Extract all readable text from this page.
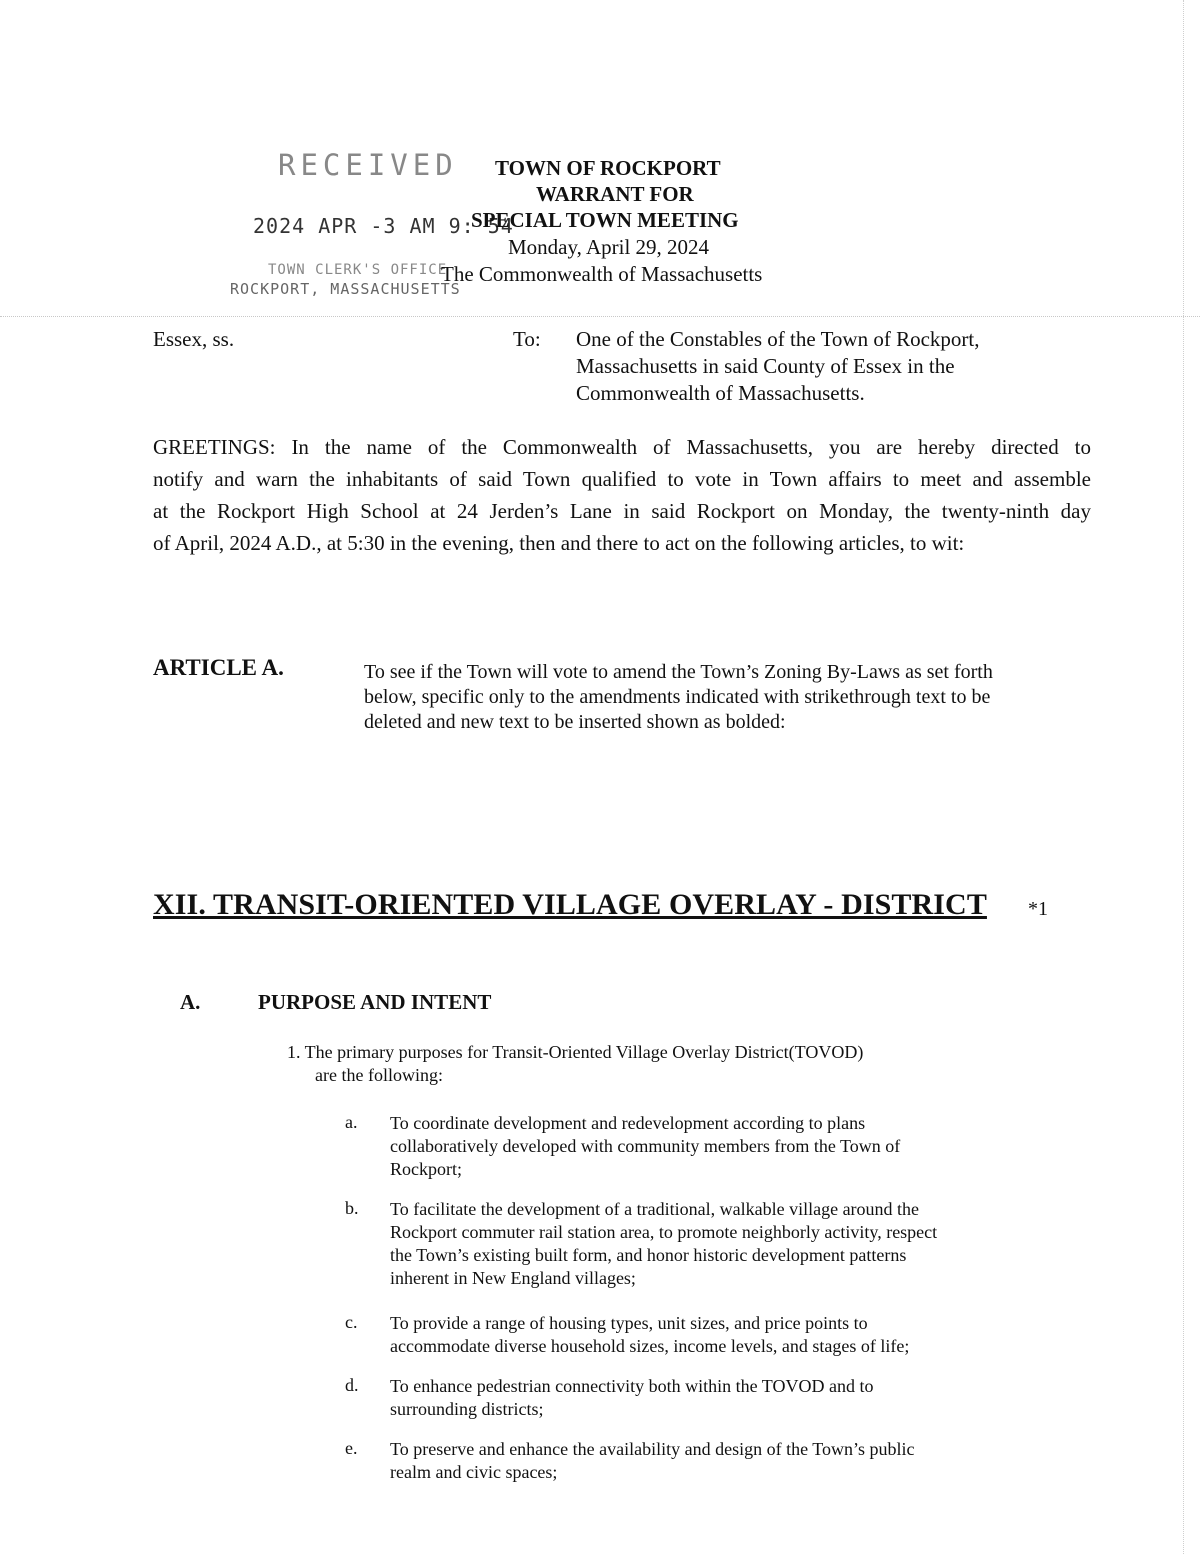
RECEIVED
2024 APR -3 AM 9: 54
TOWN CLERK'S OFFICE
ROCKPORT, MASSACHUSETTS
TOWN OF ROCKPORT
WARRANT FOR
SPECIAL TOWN MEETING
Monday, April 29, 2024
The Commonwealth of Massachusetts
Essex, ss.	To: One of the Constables of the Town of Rockport,
Massachusetts in said County of Essex in the
Commonwealth of Massachusetts.
GREETINGS: In the name of the Commonwealth of Massachusetts, you are hereby directed to
notify and warn the inhabitants of said Town qualified to vote in Town affairs to meet and assemble
at the Rockport High School at 24 Jerden’s Lane in said Rockport on Monday, the twenty-ninth day
of April, 2024 A.D., at 5:30 in the evening, then and there to act on the following articles, to wit:
ARTICLE A.	To see if the Town will vote to amend the Town’s Zoning By-Laws as set forth
below, specific only to the amendments indicated with strikethrough text to be
deleted and new text to be inserted shown as bolded:
XII. TRANSIT-ORIENTED VILLAGE OVERLAY - DISTRICT *1
A.	PURPOSE AND INTENT
1. The primary purposes for Transit-Oriented Village Overlay District(TOVOD)
are the following:
a. To coordinate development and redevelopment according to plans
collaboratively developed with community members from the Town of
Rockport;
b. To facilitate the development of a traditional, walkable village around the
Rockport commuter rail station area, to promote neighborly activity, respect
the Town’s existing built form, and honor historic development patterns
inherent in New England villages;
c. To provide a range of housing types, unit sizes, and price points to
accommodate diverse household sizes, income levels, and stages of life;
d. To enhance pedestrian connectivity both within the TOVOD and to
surrounding districts;
e. To preserve and enhance the availability and design of the Town’s public
realm and civic spaces;
